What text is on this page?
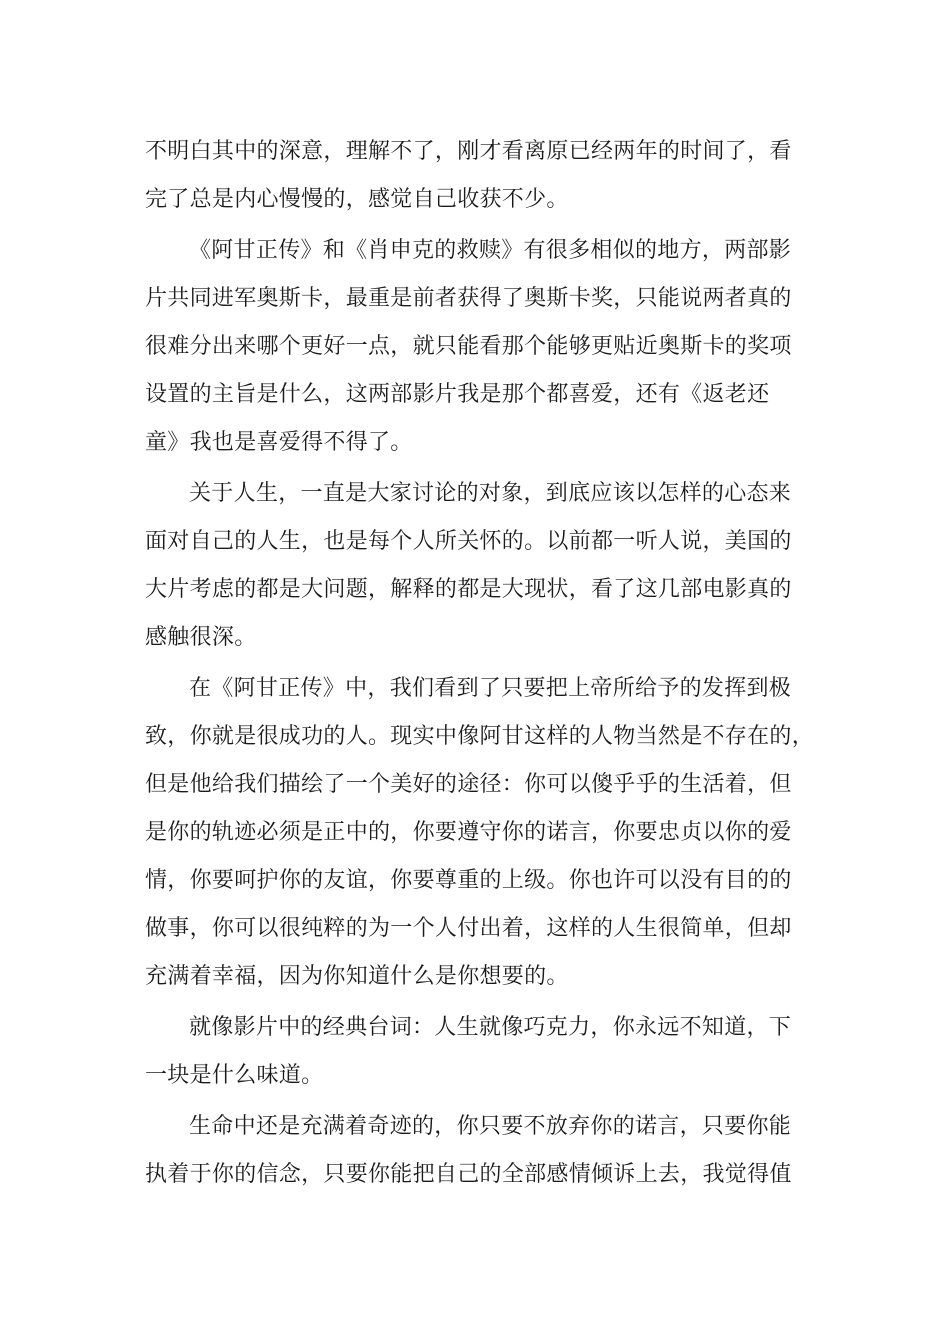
不明白其中的深意，理解不了，刚才看离原已经两年的时间了，看
完了总是内心慢慢的，感觉自己收获不少。
《阿甘正传》和《肖申克的救赎》有很多相似的地方，两部影
片共同进军奥斯卡，最重是前者获得了奥斯卡奖，只能说两者真的
很难分出来哪个更好一点，就只能看那个能够更贴近奥斯卡的奖项
设置的主旨是什么，这两部影片我是那个都喜爱，还有《返老还
童》我也是喜爱得不得了。
关于人生，一直是大家讨论的对象，到底应该以怎样的心态来
面对自己的人生，也是每个人所关怀的。以前都一听人说，美国的
大片考虑的都是大问题，解释的都是大现状，看了这几部电影真的
感触很深。
在《阿甘正传》中，我们看到了只要把上帝所给予的发挥到极
致，你就是很成功的人。现实中像阿甘这样的人物当然是不存在的，
但是他给我们描绘了一个美好的途径：你可以傻乎乎的生活着，但
是你的轨迹必须是正中的，你要遵守你的诺言，你要忠贞以你的爱
情，你要呵护你的友谊，你要尊重的上级。你也许可以没有目的的
做事，你可以很纯粹的为一个人付出着，这样的人生很简单，但却
充满着幸福，因为你知道什么是你想要的。
就像影片中的经典台词：人生就像巧克力，你永远不知道，下
一块是什么味道。
生命中还是充满着奇迹的，你只要不放弃你的诺言，只要你能
执着于你的信念，只要你能把自己的全部感情倾诉上去，我觉得值
